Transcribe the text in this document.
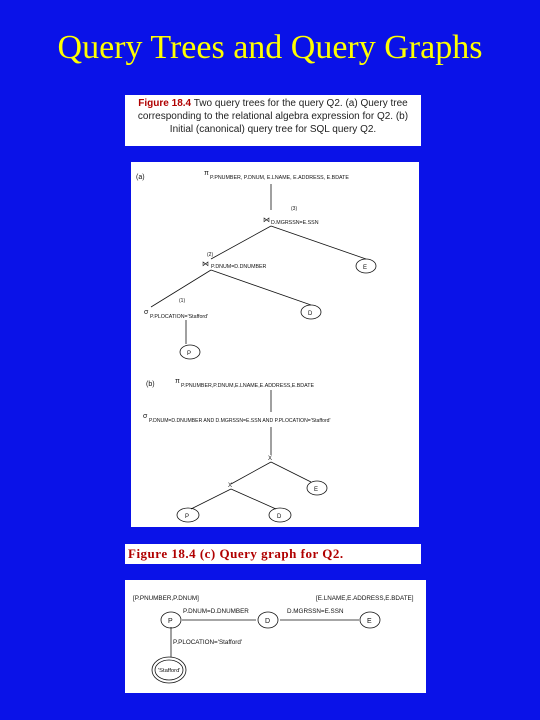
Query Trees and Query Graphs
Figure 18.4 Two query trees for the query Q2. (a) Query tree corresponding to the relational algebra expression for Q2. (b) Initial (canonical) query tree for SQL query Q2.
(a)
π
P.PNUMBER, P.DNUM, E.LNAME, E.ADDRESS, E.BDATE
(3)
⋈ D.MGRSSN=E.SSN
(2)
⋈ P.DNUM=D.DNUMBER
(1)
σ
P.PLOCATION='Stafford'
P
D
E
(b)	π
P.PNUMBER,P.DNUM,E.LNAME,E.ADDRESS,E.BDATE
σ
P.DNUM=D.DNUMBER AND D.MGRSSN=E.SSN AND P.PLOCATION='Stafford'
X
X
P	D
E
Figure 18.4 (c) Query graph for Q2.
[P.PNUMBER,P.DNUM]	[E.LNAME,E.ADDRESS,E.BDATE]
P.DNUM=D.DNUMBER	D.MGRSSN=E.SSN
P.PLOCATION='Stafford'
P	D	E
'Stafford'
